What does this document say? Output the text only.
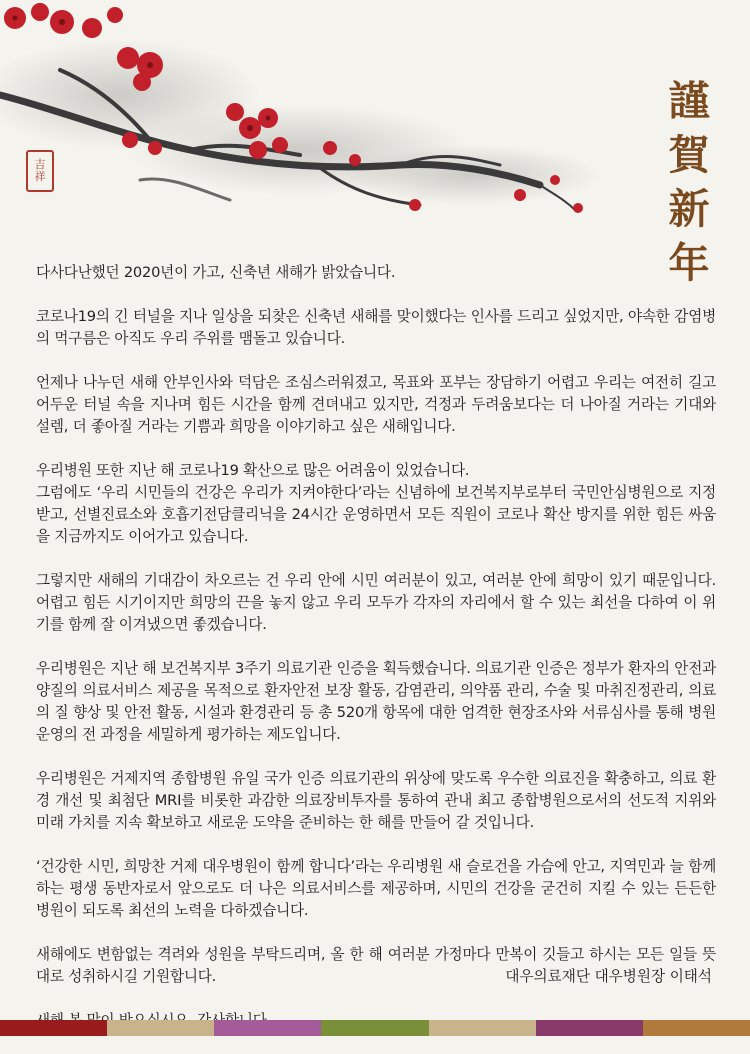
吉
祥
謹
賀
新
年

다사다난했던 2020년이 가고, 신축년 새해가 밝았습니다.

코로나19의 긴 터널을 지나 일상을 되찾은 신축년 새해를 맞이했다는 인사를 드리고 싶었지만, 야속한 감염병의 먹구름은 아직도 우리 주위를 맴돌고 있습니다.

언제나 나누던 새해 안부인사와 덕담은 조심스러워졌고, 목표와 포부는 장담하기 어렵고 우리는 여전히 길고 어두운 터널 속을 지나며 힘든 시간을 함께 견뎌내고 있지만, 걱정과 두려움보다는 더 나아질 거라는 기대와 설렘, 더 좋아질 거라는 기쁨과 희망을 이야기하고 싶은 새해입니다.

우리병원 또한 지난 해 코로나19 확산으로 많은 어려움이 있었습니다.

그럼에도 ‘우리 시민들의 건강은 우리가 지켜야한다’라는 신념하에 보건복지부로부터 국민안심병원으로 지정받고, 선별진료소와 호흡기전담클리닉을 24시간 운영하면서 모든 직원이 코로나 확산 방지를 위한 힘든 싸움을 지금까지도 이어가고 있습니다.

그렇지만 새해의 기대감이 차오르는 건 우리 안에 시민 여러분이 있고, 여러분 안에 희망이 있기 때문입니다. 어렵고 힘든 시기이지만 희망의 끈을 놓지 않고 우리 모두가 각자의 자리에서 할 수 있는 최선을 다하여 이 위기를 함께 잘 이겨냈으면 좋겠습니다.

우리병원은 지난 해 보건복지부 3주기 의료기관 인증을 획득했습니다. 의료기관 인증은 정부가 환자의 안전과 양질의 의료서비스 제공을 목적으로 환자안전 보장 활동, 감염관리, 의약품 관리, 수술 및 마취진정관리, 의료의 질 향상 및 안전 활동, 시설과 환경관리 등 총 520개 항목에 대한 엄격한 현장조사와 서류심사를 통해 병원 운영의 전 과정을 세밀하게 평가하는 제도입니다.

우리병원은 거제지역 종합병원 유일 국가 인증 의료기관의 위상에 맞도록 우수한 의료진을 확충하고, 의료 환경 개선 및 최첨단 MRI를 비롯한 과감한 의료장비투자를 통하여 관내 최고 종합병원으로서의 선도적 지위와 미래 가치를 지속 확보하고 새로운 도약을 준비하는 한 해를 만들어 갈 것입니다.

‘건강한 시민, 희망찬 거제 대우병원이 함께 합니다’라는 우리병원 새 슬로건을 가슴에 안고, 지역민과 늘 함께하는 평생 동반자로서 앞으로도 더 나은 의료서비스를 제공하며, 시민의 건강을 굳건히 지킬 수 있는 든든한 병원이 되도록 최선의 노력을 다하겠습니다.

새해에도 변함없는 격려와 성원을 부탁드리며, 올 한 해 여러분 가정마다 만복이 깃들고 하시는 모든 일들 뜻대로 성취하시길 기원합니다.	대우의료재단 대우병원장 이태석
